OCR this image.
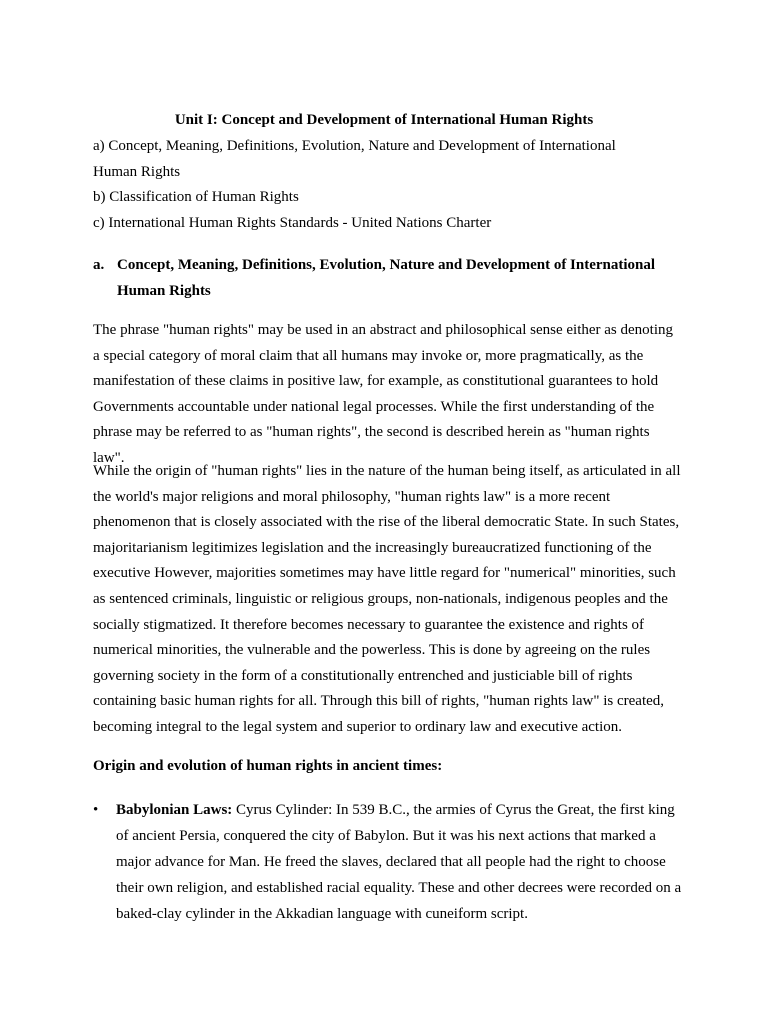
Unit I: Concept and Development of International Human Rights
a) Concept, Meaning, Definitions, Evolution, Nature and Development of International Human Rights
b) Classification of Human Rights
c) International Human Rights Standards - United Nations Charter
a. Concept, Meaning, Definitions, Evolution, Nature and Development of International Human Rights
The phrase "human rights" may be used in an abstract and philosophical sense either as denoting a special category of moral claim that all humans may invoke or, more pragmatically, as the manifestation of these claims in positive law, for example, as constitutional guarantees to hold Governments accountable under national legal processes. While the first understanding of the phrase may be referred to as "human rights", the second is described herein as "human rights law".
While the origin of "human rights" lies in the nature of the human being itself, as articulated in all the world's major religions and moral philosophy, "human rights law" is a more recent phenomenon that is closely associated with the rise of the liberal democratic State. In such States, majoritarianism legitimizes legislation and the increasingly bureaucratized functioning of the executive However, majorities sometimes may have little regard for "numerical" minorities, such as sentenced criminals, linguistic or religious groups, non-nationals, indigenous peoples and the socially stigmatized. It therefore becomes necessary to guarantee the existence and rights of numerical minorities, the vulnerable and the powerless. This is done by agreeing on the rules governing society in the form of a constitutionally entrenched and justiciable bill of rights containing basic human rights for all. Through this bill of rights, "human rights law" is created, becoming integral to the legal system and superior to ordinary law and executive action.
Origin and evolution of human rights in ancient times:
• Babylonian Laws: Cyrus Cylinder: In 539 B.C., the armies of Cyrus the Great, the first king of ancient Persia, conquered the city of Babylon. But it was his next actions that marked a major advance for Man. He freed the slaves, declared that all people had the right to choose their own religion, and established racial equality. These and other decrees were recorded on a baked-clay cylinder in the Akkadian language with cuneiform script.
